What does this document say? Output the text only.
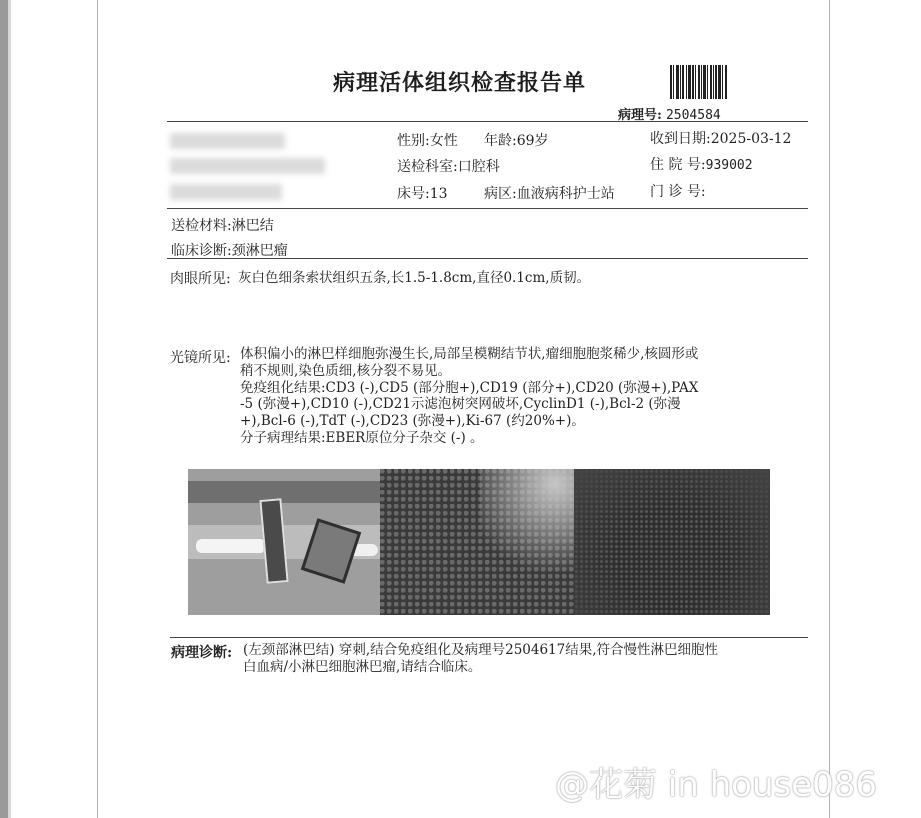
病理活体组织检查报告单
病理号: 2504584
性别:女性 年龄:69岁	收到日期:2025-03-12
送检科室:口腔科	住 院 号:939002
床号:13	病区:血液病科护士站	门 诊 号:
送检材料:淋巴结
临床诊断:颈淋巴瘤
肉眼所见: 灰白色细条索状组织五条,长1.5-1.8cm,直径0.1cm,质韧。
光镜所见: 体积偏小的淋巴样细胞弥漫生长,局部呈模糊结节状,瘤细胞胞浆稀少,核圆形或
稍不规则,染色质细,核分裂不易见。
免疫组化结果:CD3 (-),CD5 (部分胞+),CD19 (部分+),CD20 (弥漫+),PAX
-5 (弥漫+),CD10 (-),CD21示滤泡树突网破坏,CyclinD1 (-),Bcl-2 (弥漫
+),Bcl-6 (-),TdT (-),CD23 (弥漫+),Ki-67 (约20%+)。
分子病理结果:EBER原位分子杂交 (-) 。
病理诊断: (左颈部淋巴结) 穿刺,结合免疫组化及病理号2504617结果,符合慢性淋巴细胞性
白血病/小淋巴细胞淋巴瘤,请结合临床。
@花菊 in house086
